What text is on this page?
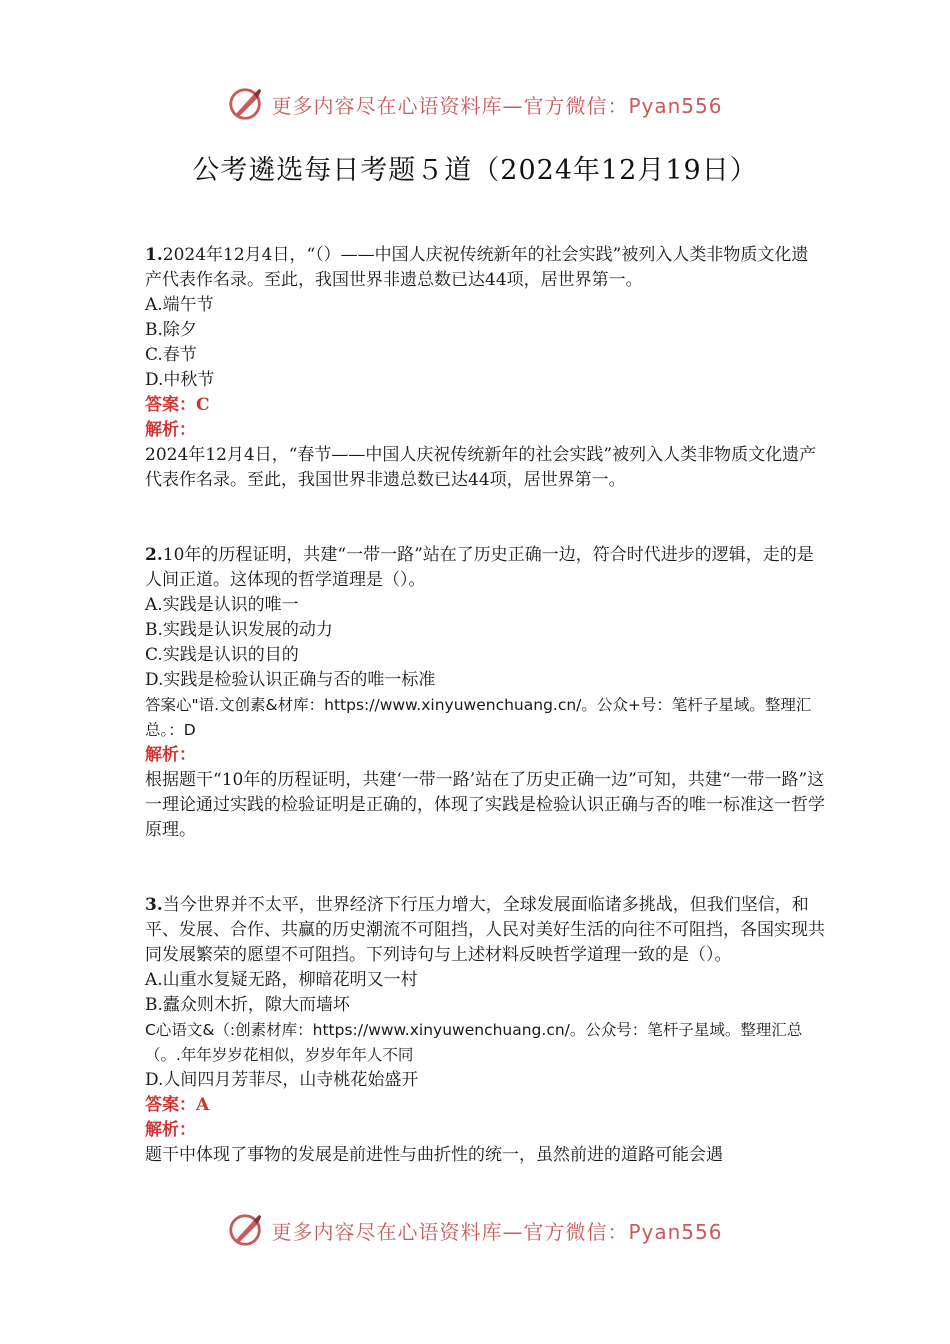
更多内容尽在心语资料库—官方微信：Pyan556
公考遴选每日考题５道（2024年12月19日）

1.2024年12月4日，“（）——中国人庆祝传统新年的社会实践”被列入人类非物质文化遗产代表作名录。至此，我国世界非遗总数已达44项，居世界第一。

A.端午节

B.除夕

C.春节

D.中秋节

答案：C

解析：

2024年12月4日，“春节——中国人庆祝传统新年的社会实践”被列入人类非物质文化遗产代表作名录。至此，我国世界非遗总数已达44项，居世界第一。

2.10年的历程证明，共建“一带一路”站在了历史正确一边，符合时代进步的逻辑，走的是人间正道。这体现的哲学道理是（）。

A.实践是认识的唯一

B.实践是认识发展的动力

C.实践是认识的目的

D.实践是检验认识正确与否的唯一标准

答案心"语.文创素&材库：https://www.xinyuwenchuang.cn/。公众+号：笔杆子星域。整理汇总。：D

解析：

根据题干“10年的历程证明，共建‘一带一路’站在了历史正确一边”可知，共建“一带一路”这一理论通过实践的检验证明是正确的，体现了实践是检验认识正确与否的唯一标准这一哲学原理。

3.当今世界并不太平，世界经济下行压力增大，全球发展面临诸多挑战，但我们坚信，和平、发展、合作、共赢的历史潮流不可阻挡，人民对美好生活的向往不可阻挡，各国实现共同发展繁荣的愿望不可阻挡。下列诗句与上述材料反映哲学道理一致的是（）。

A.山重水复疑无路，柳暗花明又一村

B.蠹众则木折，隙大而墙坏

C心语文&（:创素材库：https://www.xinyuwenchuang.cn/。公众号：笔杆子星域。整理汇总（。.年年岁岁花相似，岁岁年年人不同

D.人间四月芳菲尽，山寺桃花始盛开

答案：A

解析：

题干中体现了事物的发展是前进性与曲折性的统一，虽然前进的道路可能会遇

更多内容尽在心语资料库—官方微信：Pyan556
